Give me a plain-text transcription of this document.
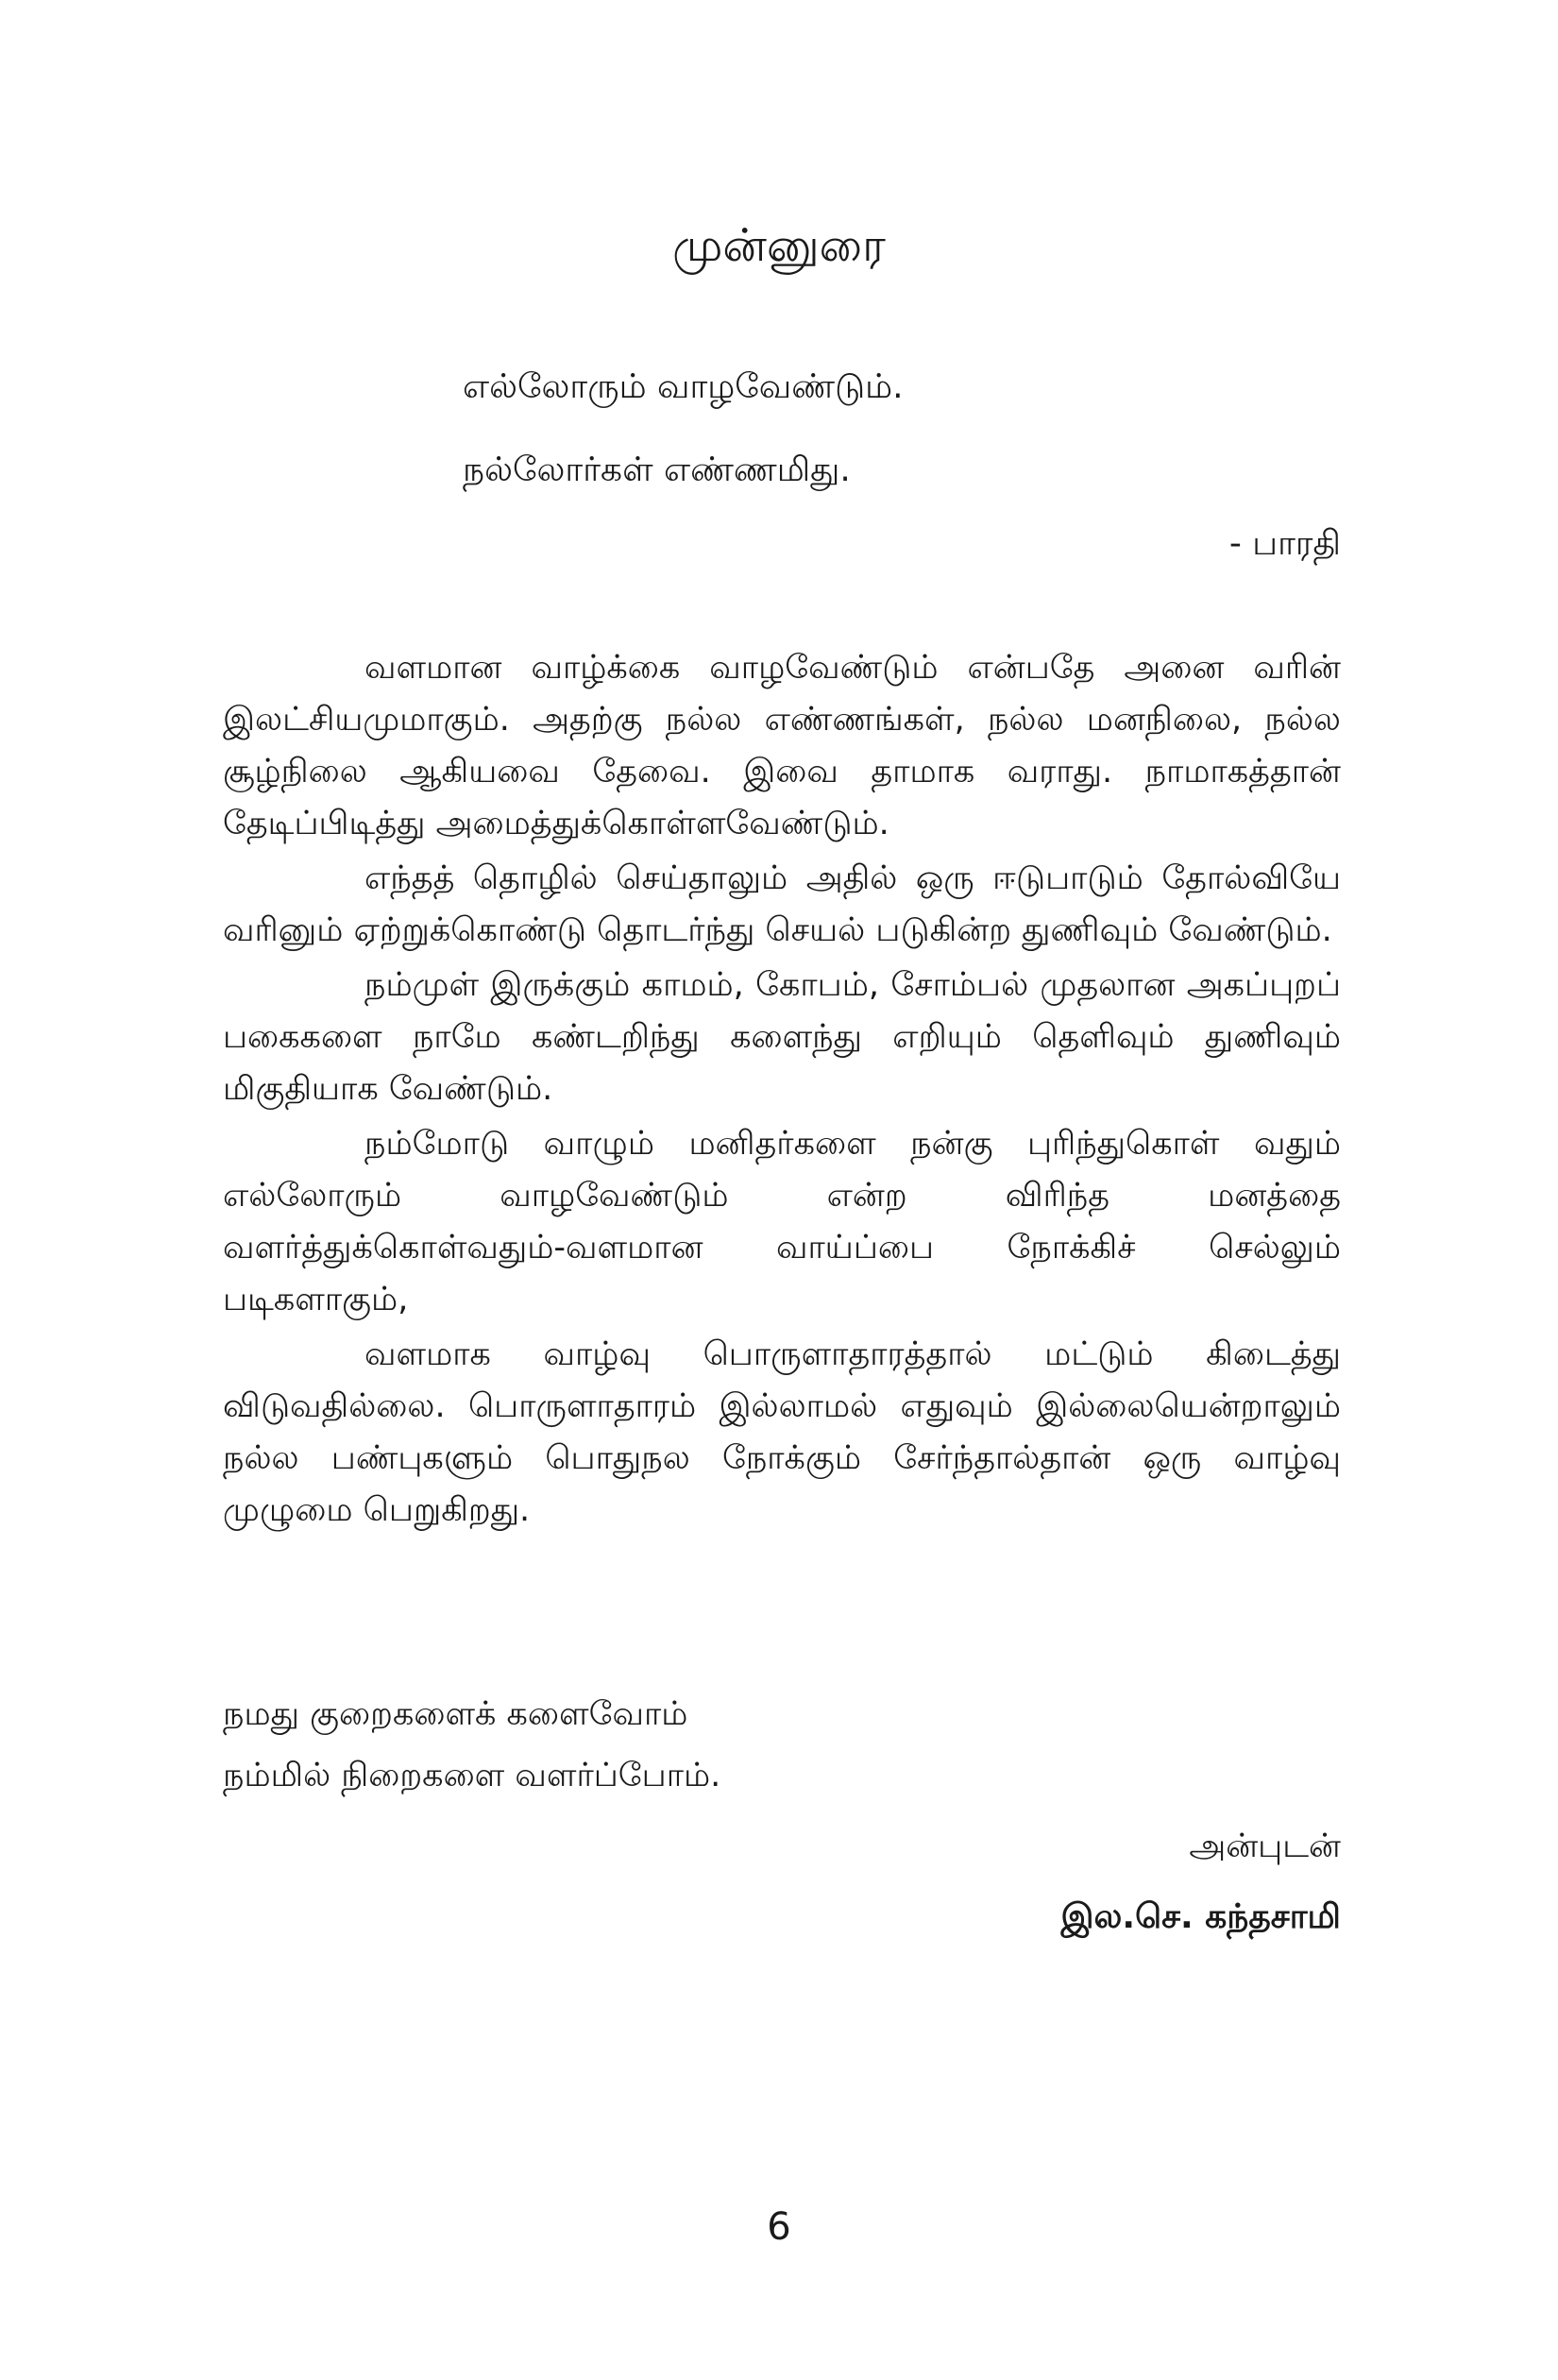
முன்னுரை
எல்லோரும் வாழவேண்டும்.
நல்லோர்கள் எண்ணமிது.
- பாரதி

வளமான வாழ்க்கை வாழவேண்டும் என்பதே அனை வரின் இலட்சியமுமாகும். அதற்கு நல்ல எண்ணங்கள், நல்ல மனநிலை, நல்ல சூழ்நிலை ஆகியவை தேவை. இவை தாமாக வராது. நாமாகத்தான் தேடிப்பிடித்து அமைத்துக்கொள்ளவேண்டும்.

எந்தத் தொழில் செய்தாலும் அதில் ஒரு ஈடுபாடும் தோல்வியே வரினும் ஏற்றுக்கொண்டு தொடர்ந்து செயல் படுகின்ற துணிவும் வேண்டும்.

நம்முள் இருக்கும் காமம், கோபம், சோம்பல் முதலான அகப்புறப் பகைகளை நாமே கண்டறிந்து களைந்து எறியும் தெளிவும் துணிவும் மிகுதியாக வேண்டும்.

நம்மோடு வாழும் மனிதர்களை நன்கு புரிந்துகொள் வதும் எல்லோரும் வாழவேண்டும் என்ற விரிந்த மனத்தை வளர்த்துக்கொள்வதும்-வளமான வாய்ப்பை நோக்கிச் செல்லும் படிகளாகும்,

வளமாக வாழ்வு பொருளாதாரத்தால் மட்டும் கிடைத்து விடுவதில்லை. பொருளாதாரம் இல்லாமல் எதுவும் இல்லையென்றாலும் நல்ல பண்புகளும் பொதுநல நோக்கும் சேர்ந்தால்தான் ஒரு வாழ்வு முழுமை பெறுகிறது.

நமது குறைகளைக் களைவோம்
நம்மில் நிறைகளை வளர்ப்போம்.
அன்புடன்
இல.செ. கந்தசாமி
6
